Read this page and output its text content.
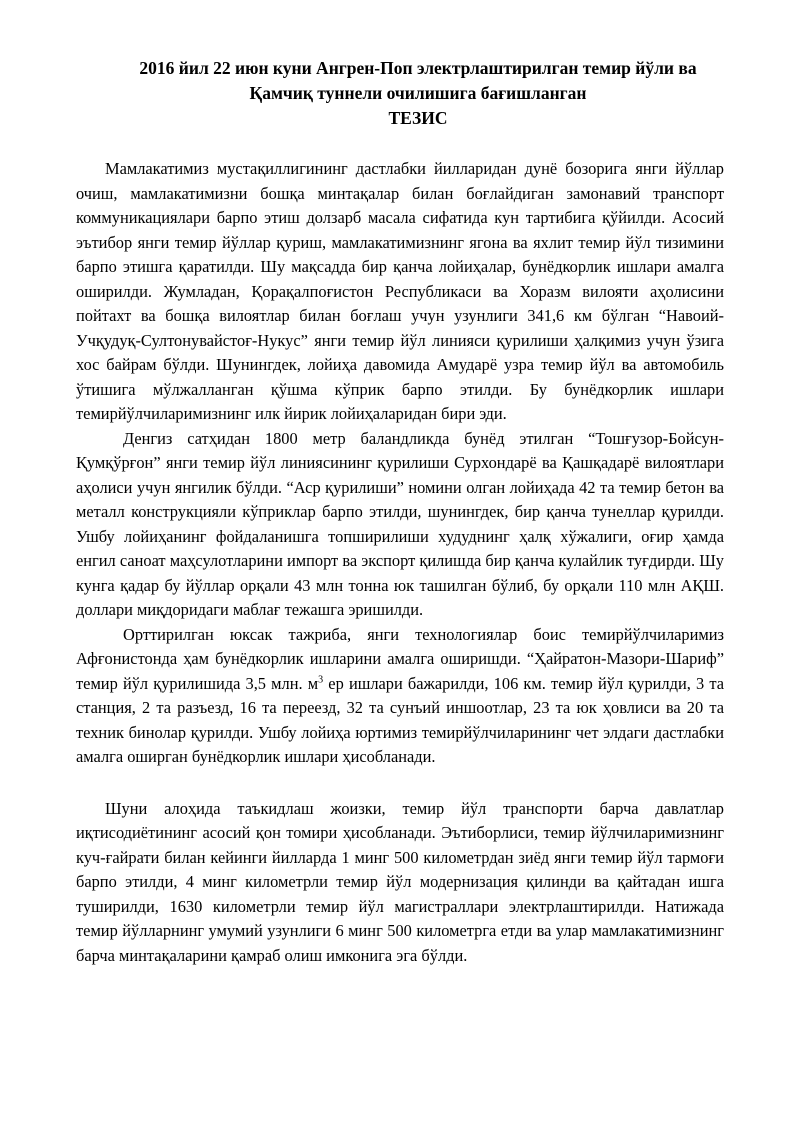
2016 йил 22 июн куни Ангрен-Поп электрлаштирилган темир йўли ва
Қамчиқ туннели очилишига бағишланган
ТЕЗИС

Мамлакатимиз мустақиллигининг дастлабки йилларидан дунё бозорига янги йўллар очиш, мамлакатимизни бошқа минтақалар билан боғлайдиган замонавий транспорт коммуникациялари барпо этиш долзарб масала сифатида кун тартибига қўйилди. Асосий эътибор янги темир йўллар қуриш, мамлакатимизнинг ягона ва яхлит темир йўл тизимини барпо этишга қаратилди. Шу мақсадда бир қанча лойиҳалар, бунёдкорлик ишлари амалга оширилди. Жумладан, Қорақалпоғистон Республикаси ва Хоразм вилояти аҳолисини пойтахт ва бошқа вилоятлар билан боғлаш учун узунлиги 341,6 км бўлган “Навоий-Учқудуқ-Султонувайстоғ-Нукус” янги темир йўл линияси қурилиши ҳалқимиз учун ўзига хос байрам бўлди. Шунингдек, лойиҳа давомида Амударё узра темир йўл ва автомобиль ўтишига мўлжалланган қўшма кўприк барпо этилди. Бу бунёдкорлик ишлари темирйўлчиларимизнинг илк йирик лойиҳаларидан бири эди.

Денгиз сатҳидан 1800 метр баландликда бунёд этилган “Тошғузор-Бойсун-Қумқўрғон” янги темир йўл линиясининг қурилиши Сурхондарё ва Қашқадарё вилоятлари аҳолиси учун янгилик бўлди. “Аср қурилиши” номини олган лойиҳада 42 та темир бетон ва металл конструкцияли кўприклар барпо этилди, шунингдек, бир қанча тунеллар қурилди. Ушбу лойиҳанинг фойдаланишга топширилиши худуднинг ҳалқ хўжалиги, оғир ҳамда енгил саноат маҳсулотларини импорт ва экспорт қилишда бир қанча кулайлик туғдирди. Шу кунга қадар бу йўллар орқали 43 млн тонна юк ташилган бўлиб, бу орқали 110 млн АҚШ. доллари миқдоридаги маблағ тежашга эришилди.

Орттирилган юксак тажриба, янги технологиялар боис темирйўлчиларимиз Афғонистонда ҳам бунёдкорлик ишларини амалга оширишди. “Ҳайратон-Мазори-Шариф” темир йўл қурилишида 3,5 млн. $м^3$ ер ишлари бажарилди, 106 км. темир йўл қурилди, 3 та станция, 2 та разъезд, 16 та переезд, 32 та сунъий иншоотлар, 23 та юк ҳовлиси ва 20 та техник бинолар қурилди. Ушбу лойиҳа юртимиз темирйўлчиларининг чет элдаги дастлабки амалга оширган бунёдкорлик ишлари ҳисобланади.

Шуни алоҳида таъкидлаш жоизки, темир йўл транспорти барча давлатлар иқтисодиётининг асосий қон томири ҳисобланади. Эътиборлиси, темир йўлчиларимизнинг куч-ғайрати билан кейинги йилларда 1 минг 500 километрдан зиёд янги темир йўл тармоғи барпо этилди, 4 минг километрли темир йўл модернизация қилинди ва қайтадан ишга туширилди, 1630 километрли темир йўл магистраллари электрлаштирилди. Натижада темир йўлларнинг умумий узунлиги 6 минг 500 километрга етди ва улар мамлакатимизнинг барча минтақаларини қамраб олиш имконига эга бўлди.
